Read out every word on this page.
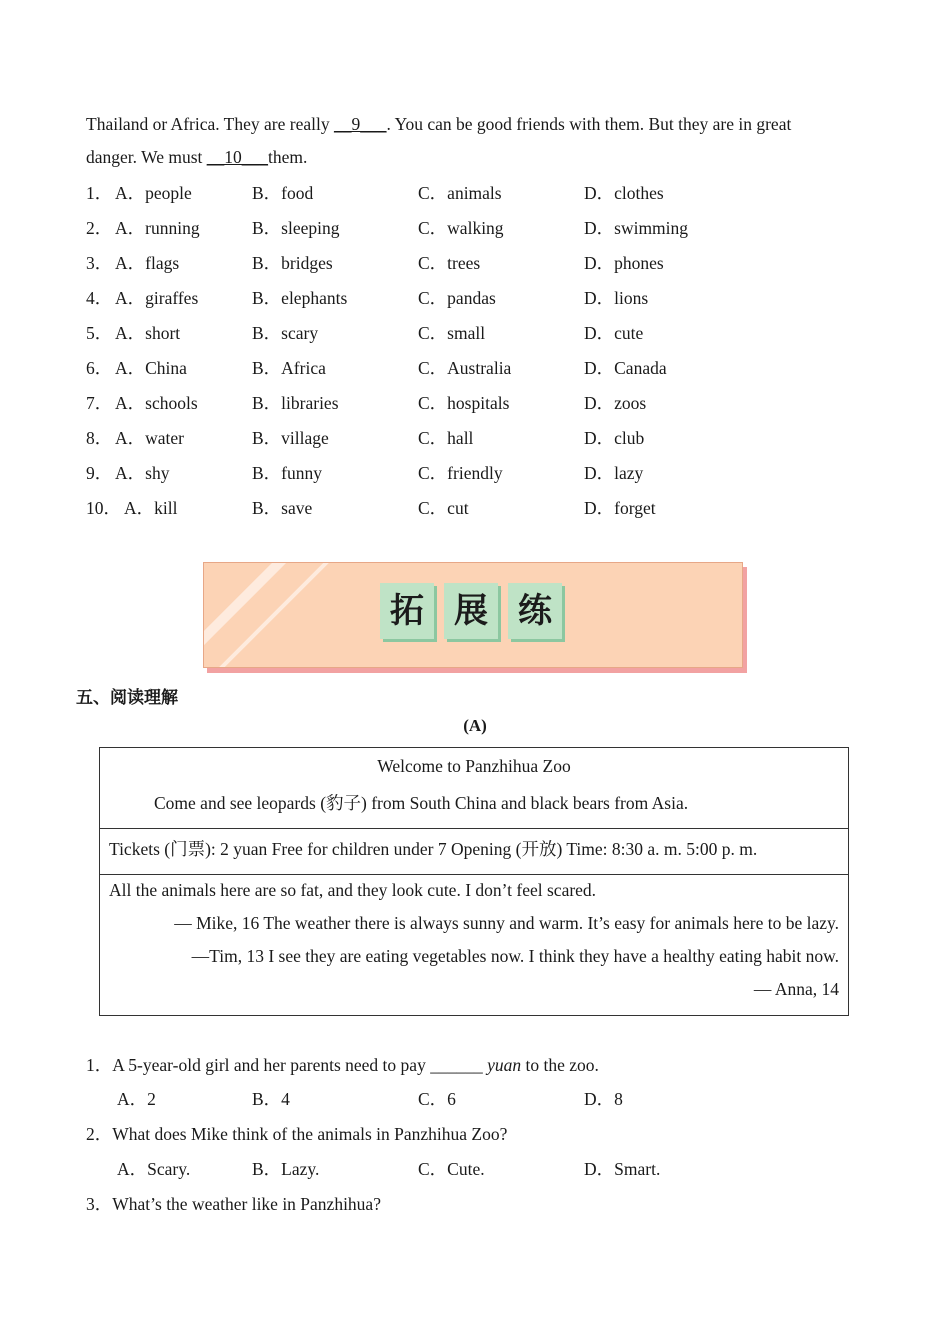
Thailand or Africa. They are really __9___. You can be good friends with them. But they are in great
danger. We must __10___them.
1． A．people	B．food	C．animals	D．clothes
2． A．running	B．sleeping	C．walking	D．swimming
3． A．flags	B．bridges	C．trees	D．phones
4． A．giraffes	B．elephants	C．pandas	D．lions
5． A．short	B．scary	C．small	D．cute
6． A．China	B．Africa	C．Australia	D．Canada
7． A．schools	B．libraries	C．hospitals	D．zoos
8． A．water	B．village	C．hall	D．club
9． A．shy	B．funny	C．friendly	D．lazy
10． A．kill	B．save	C．cut	D．forget
拓 展 练
五、阅读理解
(A)
Welcome to Panzhihua Zoo
Come and see leopards (豹子) from South China and black bears from Asia.
Tickets (门票): 2 yuan Free for children under 7 Opening (开放) Time: 8:30 a. m. 5:00 p. m.
All the animals here are so fat, and they look cute. I don’t feel scared.
— Mike, 16 The weather there is always sunny and warm. It’s easy for animals here to be lazy.
—Tim, 13 I see they are eating vegetables now. I think they have a healthy eating habit now.
— Anna, 14
1．A 5-year-old girl and her parents need to pay ______ yuan to the zoo.
A．2	B．4	C．6	D．8
2．What does Mike think of the animals in Panzhihua Zoo?
A．Scary.	B．Lazy.	C．Cute.	D．Smart.
3．What’s the weather like in Panzhihua?
